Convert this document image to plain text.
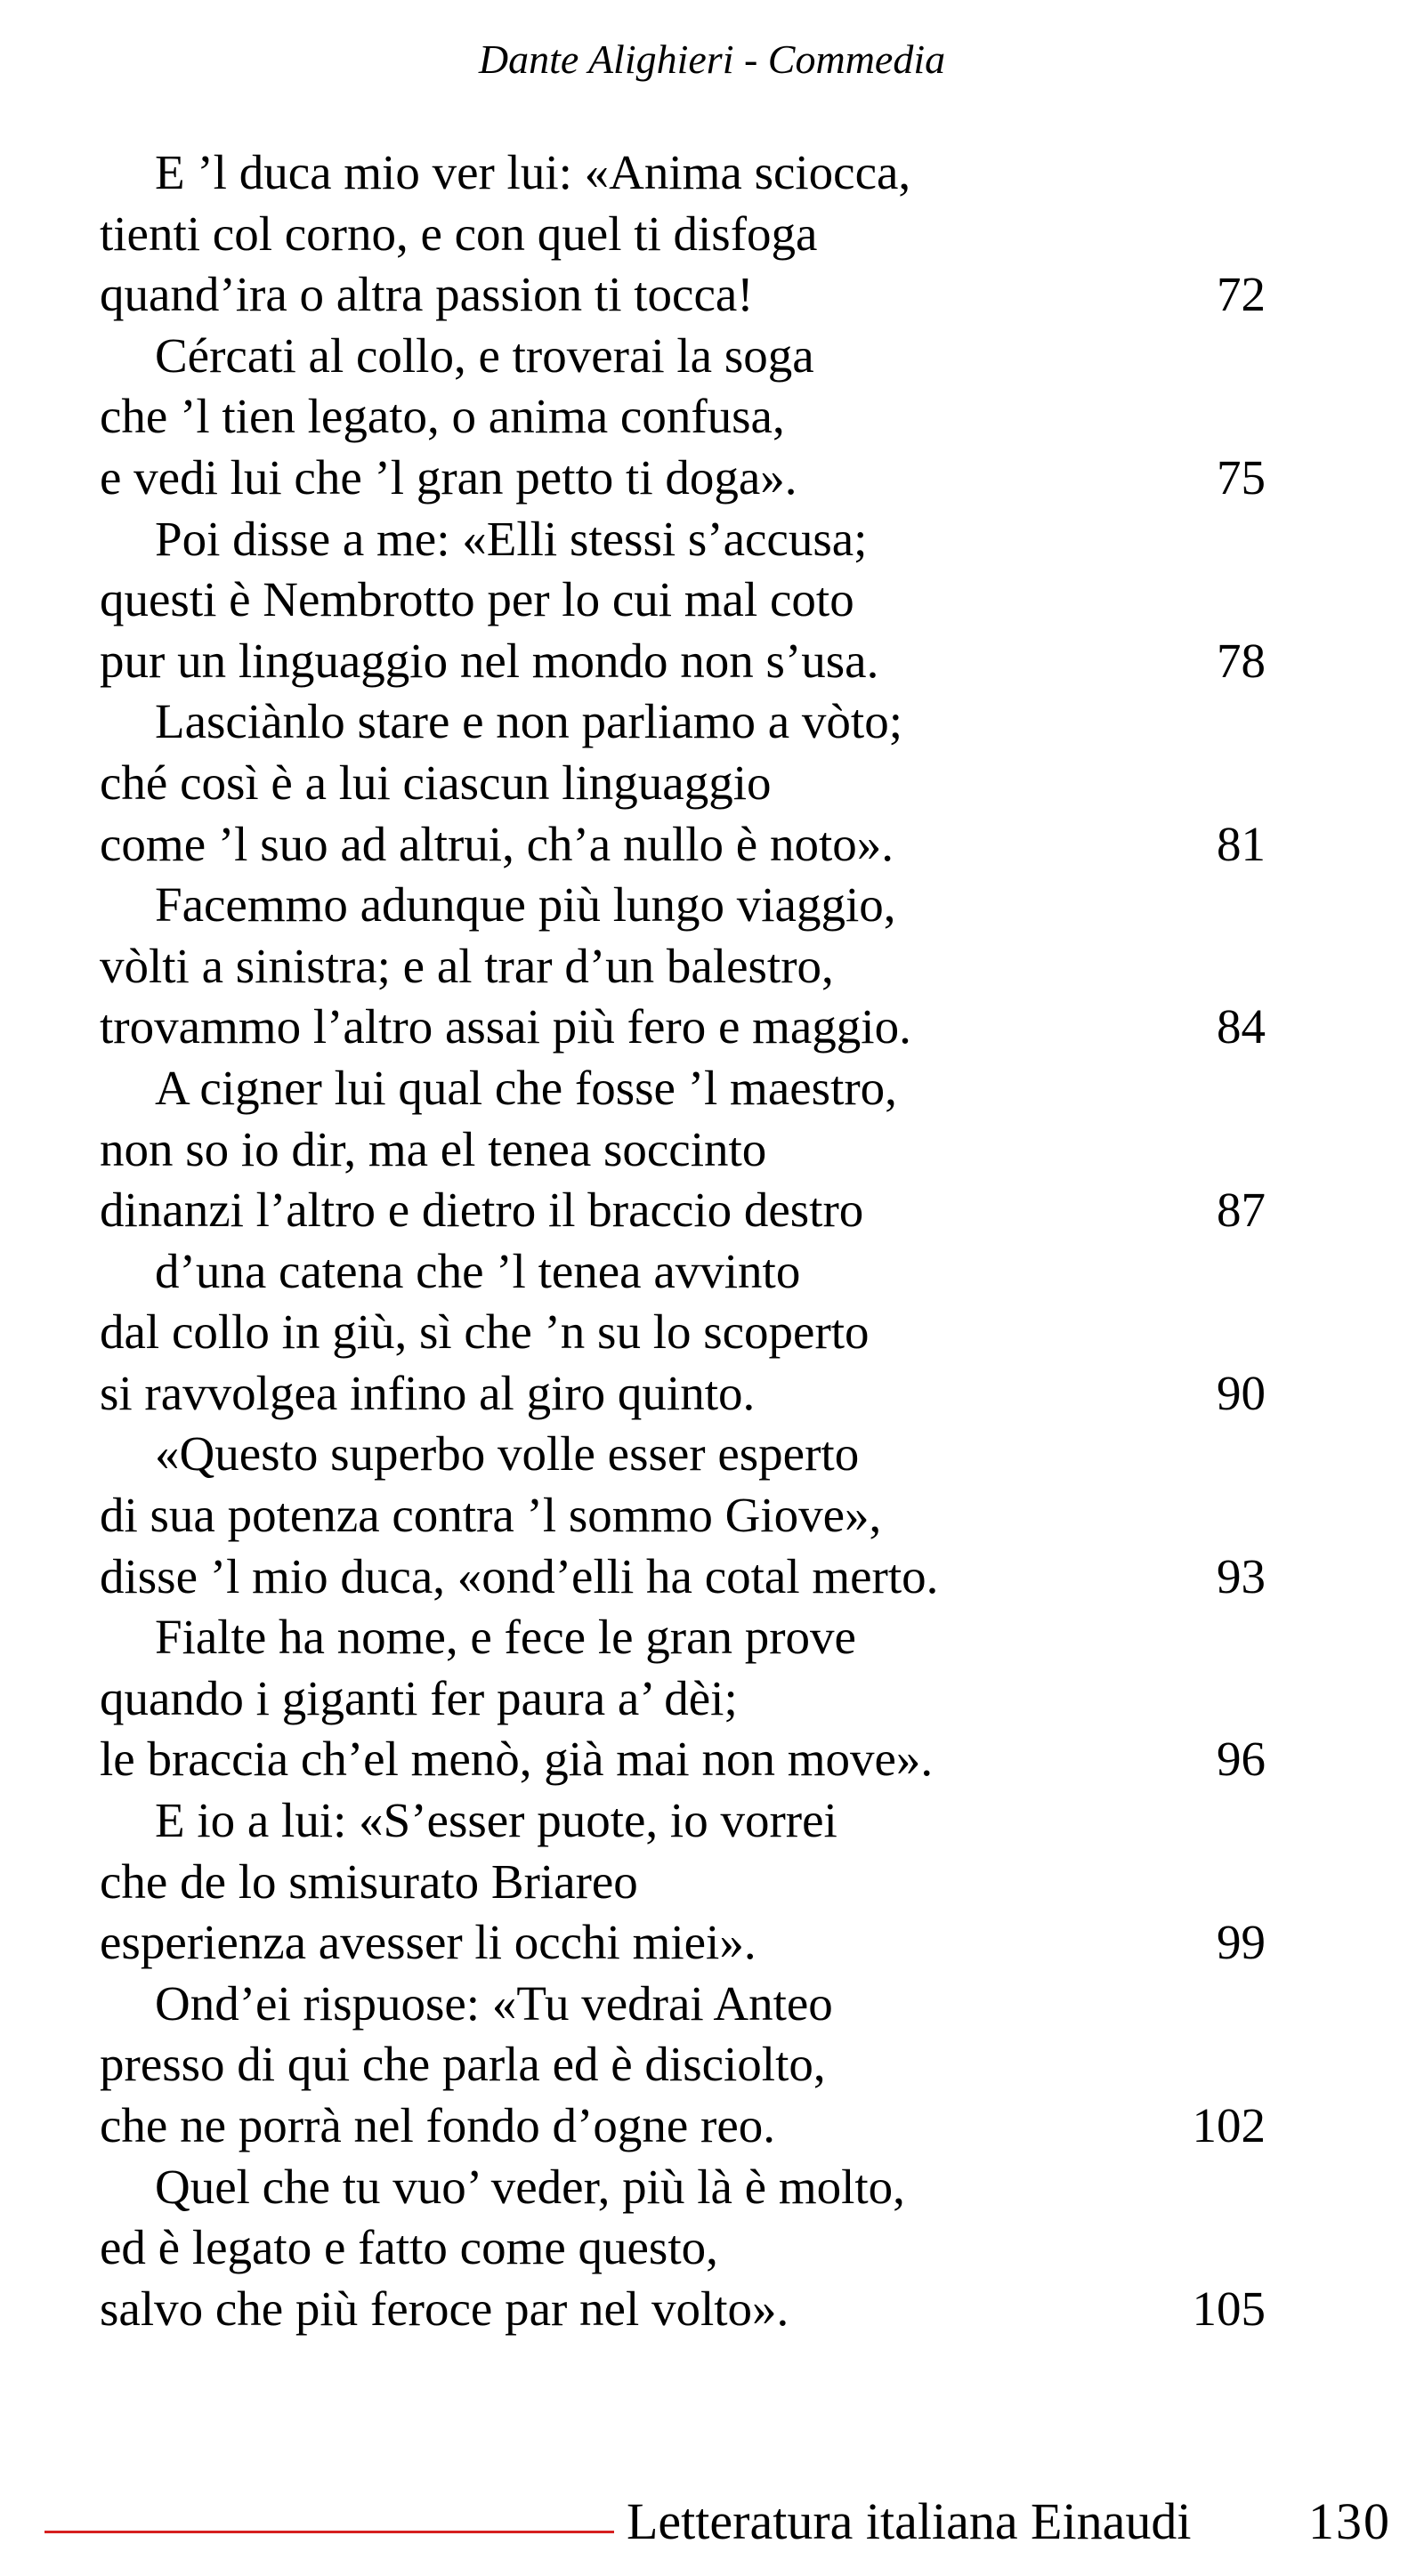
Dante Alighieri - Commedia
E ’l duca mio ver lui: «Anima sciocca,
tienti col corno, e con quel ti disfoga
quand’ira o altra passion ti tocca!	72
Cércati al collo, e troverai la soga
che ’l tien legato, o anima confusa,
e vedi lui che ’l gran petto ti doga».	75
Poi disse a me: «Elli stessi s’accusa;
questi è Nembrotto per lo cui mal coto
pur un linguaggio nel mondo non s’usa.	78
Lasciànlo stare e non parliamo a vòto;
ché così è a lui ciascun linguaggio
come ’l suo ad altrui, ch’a nullo è noto».	81
Facemmo adunque più lungo viaggio,
vòlti a sinistra; e al trar d’un balestro,
trovammo l’altro assai più fero e maggio.	84
A cigner lui qual che fosse ’l maestro,
non so io dir, ma el tenea soccinto
dinanzi l’altro e dietro il braccio destro	87
d’una catena che ’l tenea avvinto
dal collo in giù, sì che ’n su lo scoperto
si ravvolgea infino al giro quinto.	90
«Questo superbo volle esser esperto
di sua potenza contra ’l sommo Giove»,
disse ’l mio duca, «ond’elli ha cotal merto.	93
Fialte ha nome, e fece le gran prove
quando i giganti fer paura a’ dèi;
le braccia ch’el menò, già mai non move».	96
E io a lui: «S’esser puote, io vorrei
che de lo smisurato Briareo
esperienza avesser li occhi miei».	99
Ond’ei rispuose: «Tu vedrai Anteo
presso di qui che parla ed è disciolto,
che ne porrà nel fondo d’ogne reo.	102
Quel che tu vuo’ veder, più là è molto,
ed è legato e fatto come questo,
salvo che più feroce par nel volto».	105
Letteratura italiana Einaudi 130
